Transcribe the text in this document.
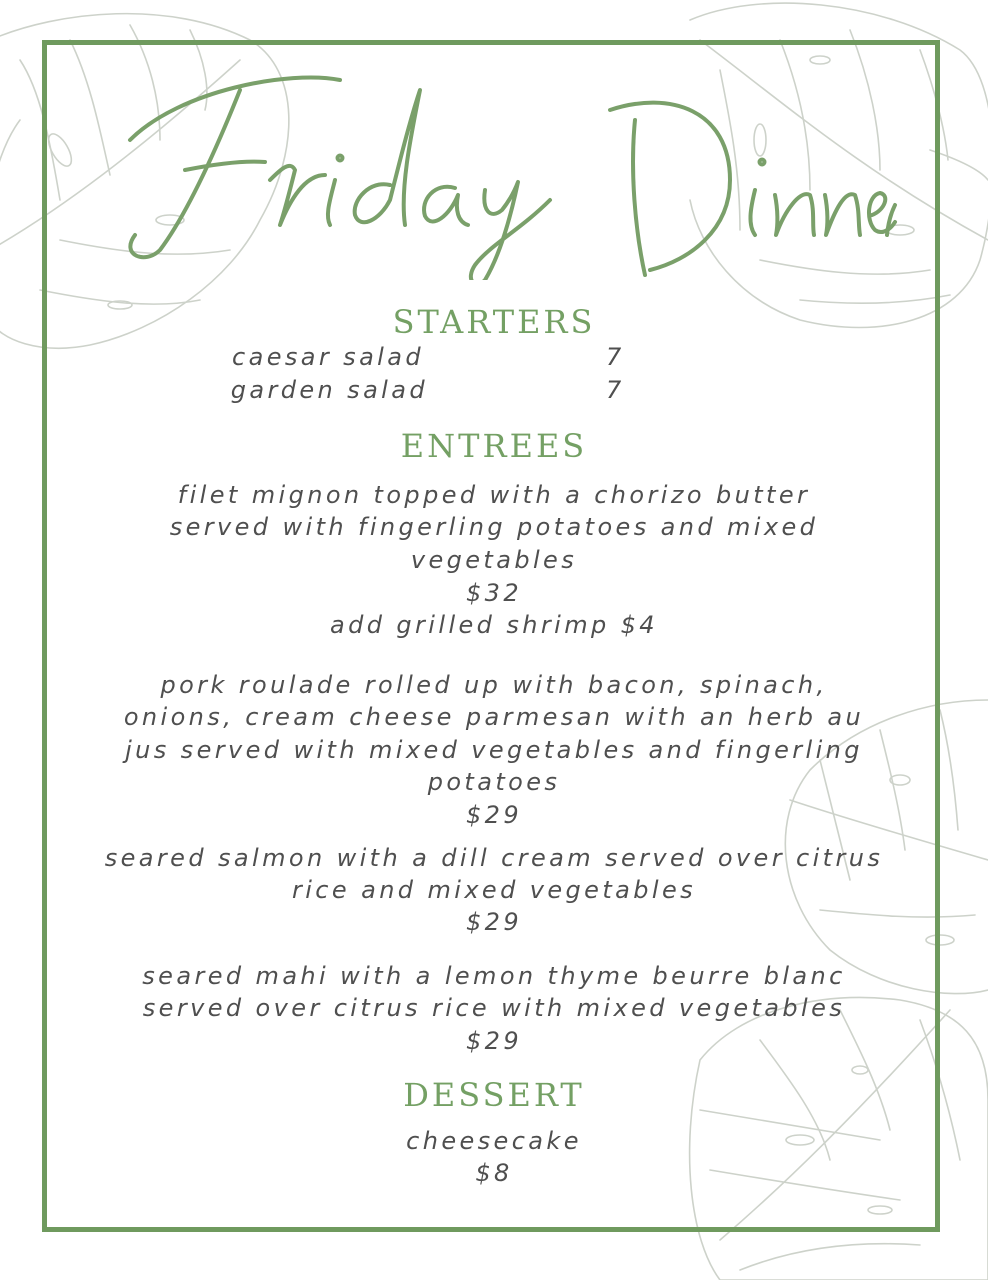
STARTERS
caesar salad	7
garden salad	7
ENTREES
filet mignon topped with a chorizo butter
served with fingerling potatoes and mixed
vegetables
$32
add grilled shrimp $4
pork roulade rolled up with bacon, spinach,
onions, cream cheese parmesan with an herb au
jus served with mixed vegetables and fingerling
potatoes
$29
seared salmon with a dill cream served over citrus
rice and mixed vegetables
$29
seared mahi with a lemon thyme beurre blanc
served over citrus rice with mixed vegetables
$29
DESSERT
cheesecake
$8
